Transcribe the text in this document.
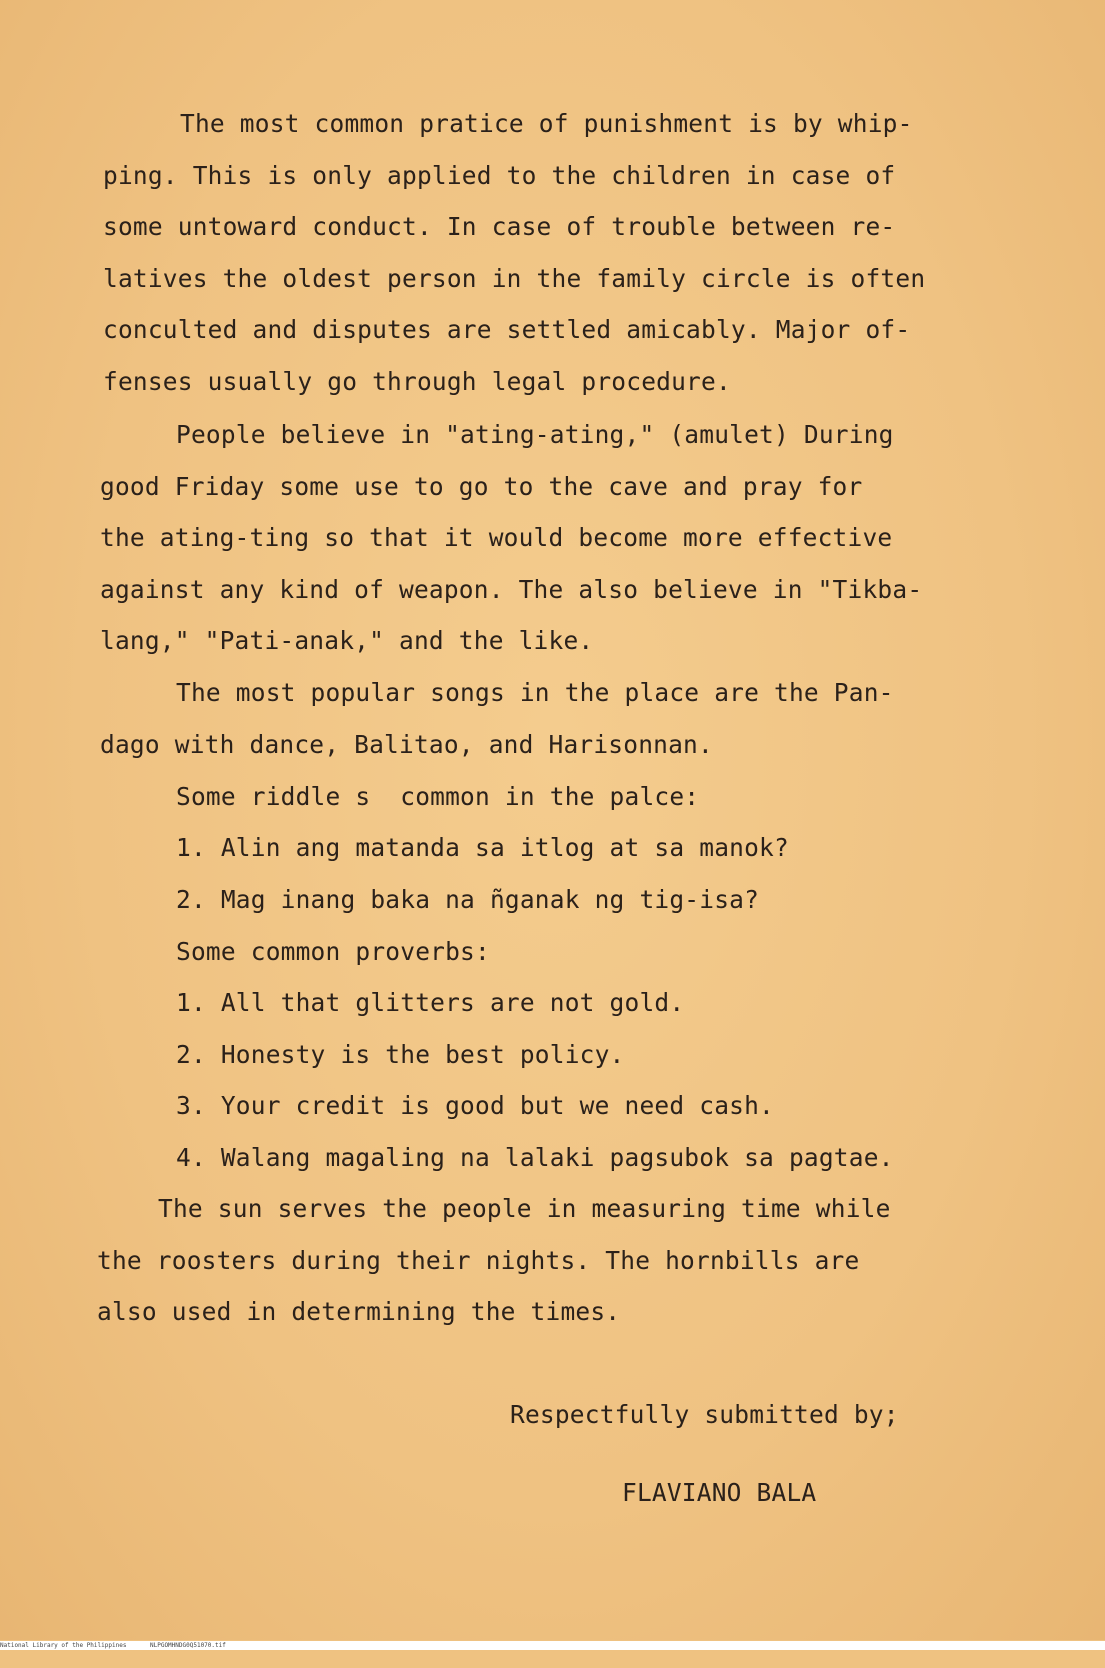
The most common pratice of punishment is by whip-
ping. This is only applied to the children in case of
some untoward conduct. In case of trouble between re-
latives the oldest person in the family circle is often
conculted and disputes are settled amicably. Major of-
fenses usually go through legal procedure.
People believe in "ating-ating," (amulet) During
good Friday some use to go to the cave and pray for
the ating-ting so that it would become more effective
against any kind of weapon. The also believe in "Tikba-
lang," "Pati-anak," and the like.
The most popular songs in the place are the Pan-
dago with dance, Balitao, and Harisonnan.
Some riddle s  common in the palce:
1. Alin ang matanda sa itlog at sa manok?
2. Mag inang baka na ñganak ng tig-isa?
Some common proverbs:
1. All that glitters are not gold.
2. Honesty is the best policy.
3. Your credit is good but we need cash.
4. Walang magaling na lalaki pagsubok sa pagtae.
The sun serves the people in measuring time while
the roosters during their nights. The hornbills are
also used in determining the times.
Respectfully submitted by;
FLAVIANO BALA

National Library of the Philippines

	NLPGOMHNDG0Q51070.tif
